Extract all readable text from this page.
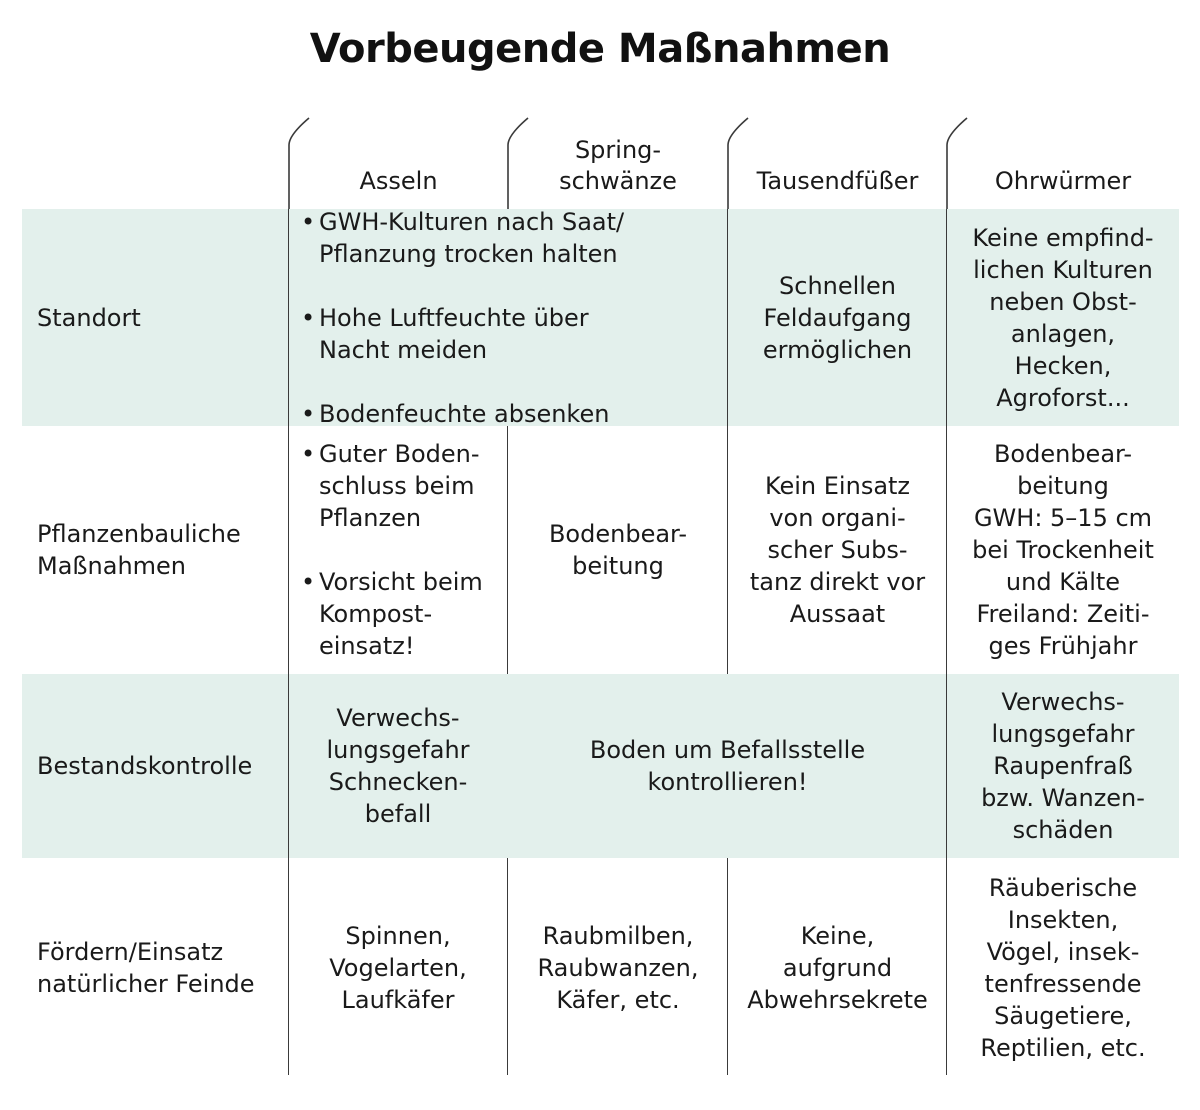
Vorbeugende Maßnahmen
Asseln
Spring-
schwänze	Tausendfüßer	Ohrwürmer
Standort

• GWH-Kulturen nach Saat/
Pflanzung trocken halten

• Hohe Luftfeuchte über
Nacht meiden

• Bodenfeuchte absenken

Schnellen
Feldaufgang
ermöglichen
Keine empfind-
lichen Kulturen
neben Obst-
anlagen,
Hecken,
Agroforst...
Pflanzenbauliche
Maßnahmen

• Guter Boden-
schluss beim
Pflanzen

• Vorsicht beim
Kompost-
einsatz!

Bodenbear-
beitung
Kein Einsatz
von organi-
scher Subs-
tanz direkt vor
Aussaat
Bodenbear-
beitung
GWH: 5–15 cm
bei Trockenheit
und Kälte
Freiland: Zeiti-
ges Frühjahr
Bestandskontrolle
Verwechs-
lungsgefahr
Schnecken-
befall
Boden um Befallsstelle
kontrollieren!
Verwechs-
lungsgefahr
Raupenfraß
bzw. Wanzen-
schäden
Fördern/Einsatz
natürlicher Feinde
Spinnen,
Vogelarten,
Laufkäfer
Raubmilben,
Raubwanzen,
Käfer, etc.
Keine,
aufgrund
Abwehrsekrete
Räuberische
Insekten,
Vögel, insek-
tenfressende
Säugetiere,
Reptilien, etc.
